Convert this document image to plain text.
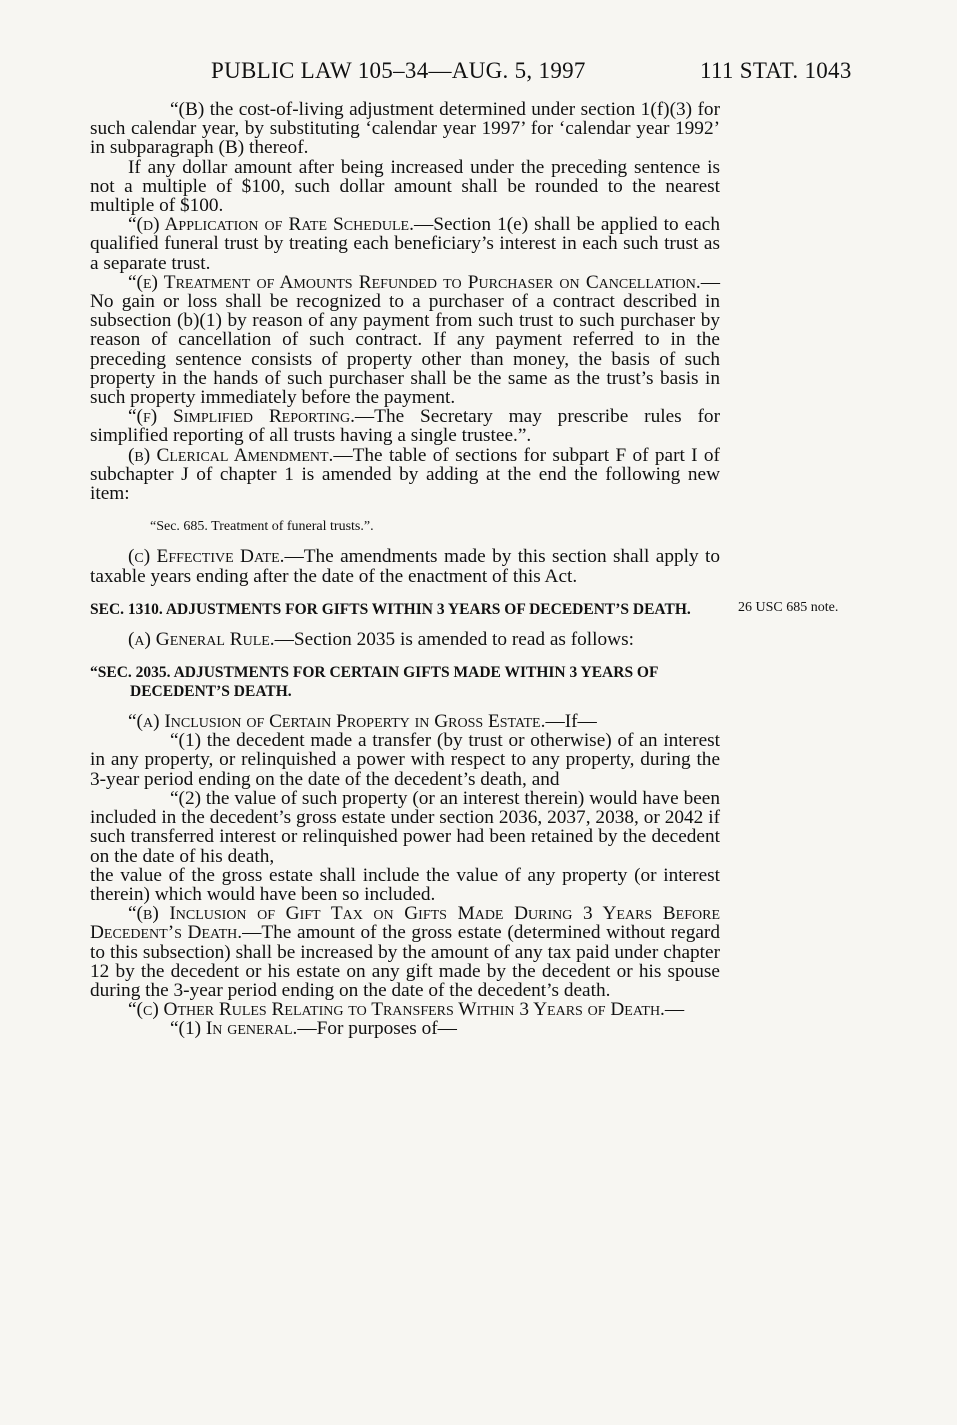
PUBLIC LAW 105–34—AUG. 5, 1997	111 STAT. 1043

“(B) the cost-of-living adjustment determined under section 1(f)(3) for such calendar year, by substituting ‘calendar year 1997’ for ‘calendar year 1992’ in subparagraph (B) thereof.

If any dollar amount after being increased under the preceding sentence is not a multiple of $100, such dollar amount shall be rounded to the nearest multiple of $100.

“(d) Application of Rate Schedule.—Section 1(e) shall be applied to each qualified funeral trust by treating each beneficiary’s interest in each such trust as a separate trust.

“(e) Treatment of Amounts Refunded to Purchaser on Cancellation.—No gain or loss shall be recognized to a purchaser of a contract described in subsection (b)(1) by reason of any payment from such trust to such purchaser by reason of cancellation of such contract. If any payment referred to in the preceding sentence consists of property other than money, the basis of such property in the hands of such purchaser shall be the same as the trust’s basis in such property immediately before the payment.

“(f) Simplified Reporting.—The Secretary may prescribe rules for simplified reporting of all trusts having a single trustee.”.

(b) Clerical Amendment.—The table of sections for subpart F of part I of subchapter J of chapter 1 is amended by adding at the end the following new item:

“Sec. 685. Treatment of funeral trusts.”.

(c) Effective Date.—The amendments made by this section shall apply to taxable years ending after the date of the enactment of this Act.

SEC. 1310. ADJUSTMENTS FOR GIFTS WITHIN 3 YEARS OF DECEDENT’S DEATH.

(a) General Rule.—Section 2035 is amended to read as follows:

“SEC. 2035. ADJUSTMENTS FOR CERTAIN GIFTS MADE WITHIN 3 YEARS OF DECEDENT’S DEATH.

“(a) Inclusion of Certain Property in Gross Estate.—If—

“(1) the decedent made a transfer (by trust or otherwise) of an interest in any property, or relinquished a power with respect to any property, during the 3-year period ending on the date of the decedent’s death, and

“(2) the value of such property (or an interest therein) would have been included in the decedent’s gross estate under section 2036, 2037, 2038, or 2042 if such transferred interest or relinquished power had been retained by the decedent on the date of his death,

the value of the gross estate shall include the value of any property (or interest therein) which would have been so included.

“(b) Inclusion of Gift Tax on Gifts Made During 3 Years Before Decedent’s Death.—The amount of the gross estate (determined without regard to this subsection) shall be increased by the amount of any tax paid under chapter 12 by the decedent or his estate on any gift made by the decedent or his spouse during the 3-year period ending on the date of the decedent’s death.

“(c) Other Rules Relating to Transfers Within 3 Years of Death.—

“(1) In general.—For purposes of—

26 USC 685 note.
